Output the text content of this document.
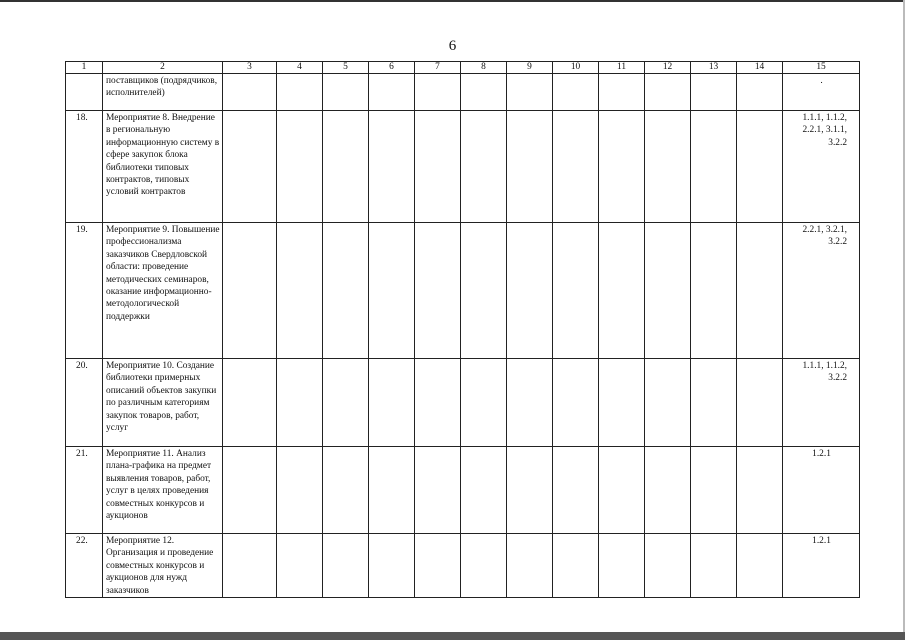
6
1	2	3	4	5	6	7	8	9	10	11	12	13	14	15
	поставщиков (подрядчиков, исполнителей)													.
18.	Мероприятие 8. Внедрение в региональную информационную систему в сфере закупок блока библиотеки типовых контрактов, типовых условий контрактов													1.1.1, 1.1.2, 2.2.1, 3.1.1, 3.2.2
19.	Мероприятие 9. Повышение профессионализма заказчиков Свердловской области: проведение методических семинаров, оказание информационно-методологической поддержки													2.2.1, 3.2.1, 3.2.2
20.	Мероприятие 10. Создание библиотеки примерных описаний объектов закупки по различным категориям закупок товаров, работ, услуг													1.1.1, 1.1.2, 3.2.2
21.	Мероприятие 11. Анализ плана-графика на предмет выявления товаров, работ, услуг в целях проведения совместных конкурсов и аукционов													1.2.1
22.	Мероприятие 12. Организация и проведение совместных конкурсов и аукционов для нужд заказчиков													1.2.1
